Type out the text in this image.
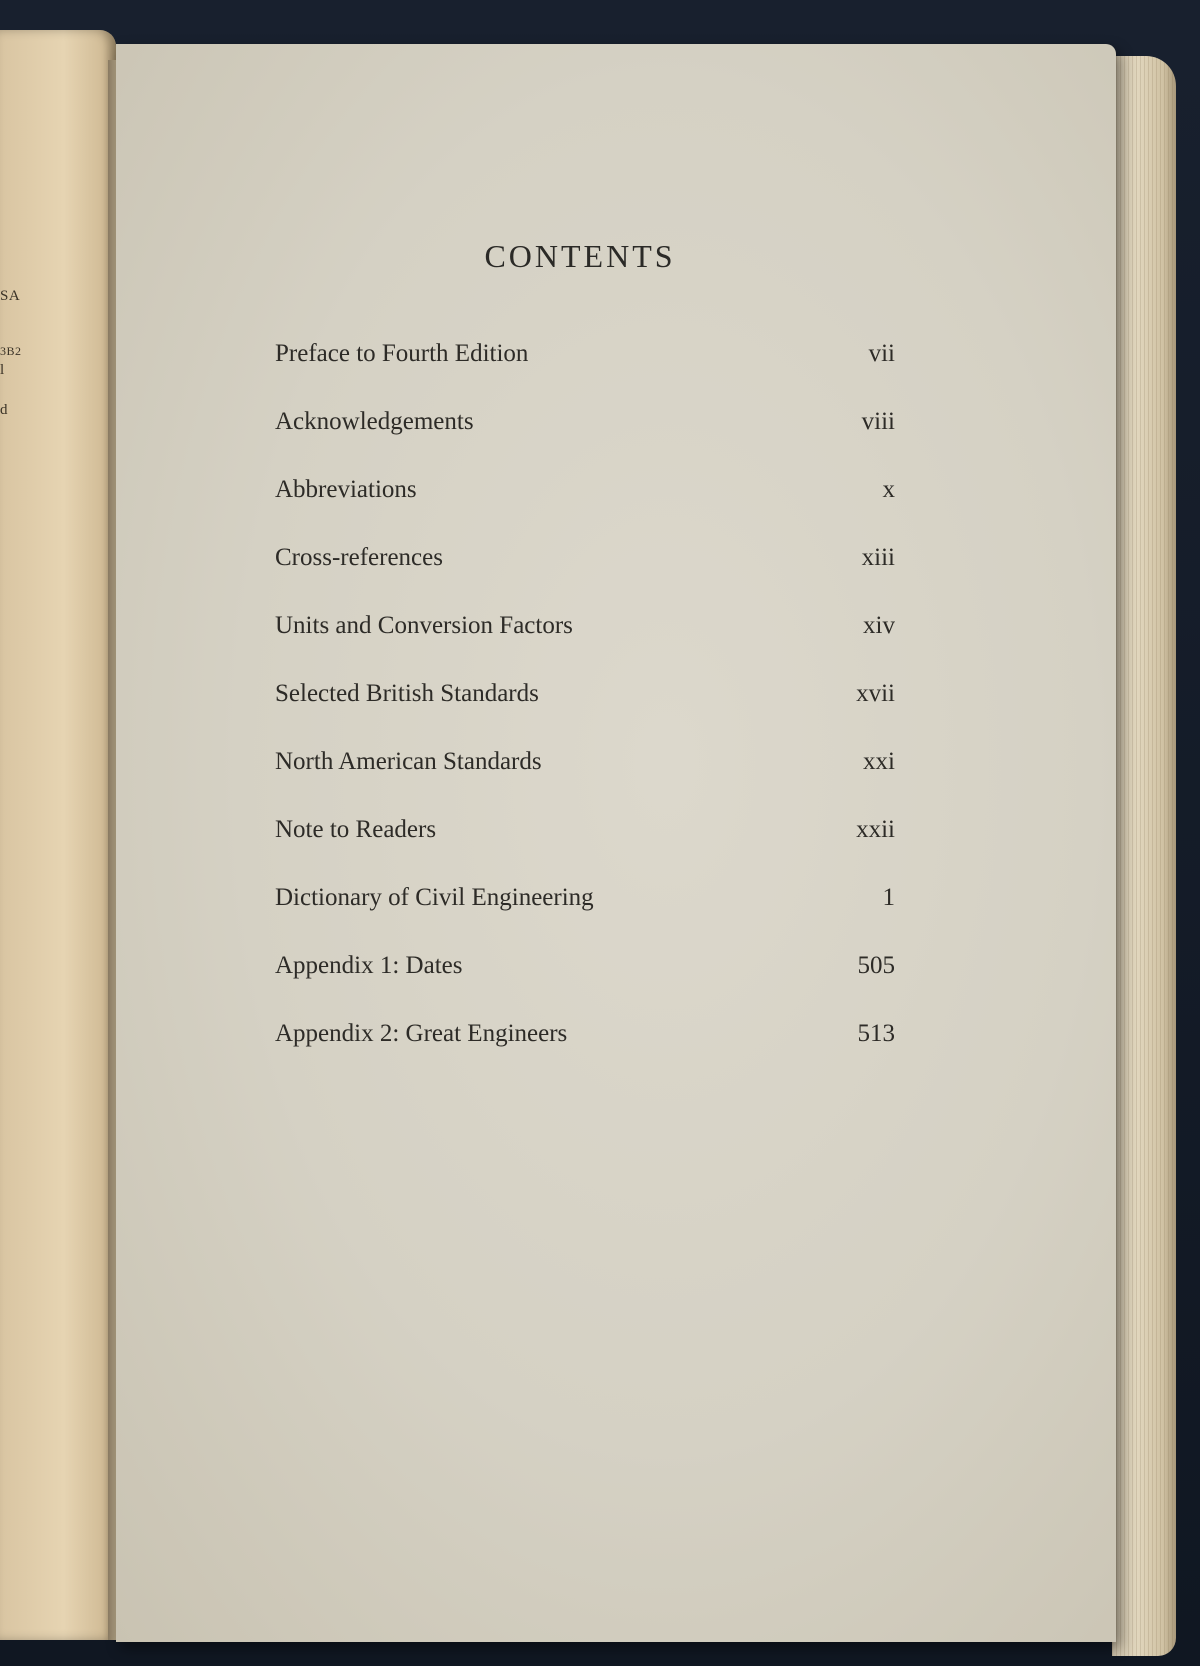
SA
3B2
l
d
CONTENTS
Preface to Fourth Edition	vii
Acknowledgements	viii
Abbreviations	x
Cross-references	xiii
Units and Conversion Factors	xiv
Selected British Standards	xvii
North American Standards	xxi
Note to Readers	xxii
Dictionary of Civil Engineering	1
Appendix 1: Dates	505
Appendix 2: Great Engineers	513
